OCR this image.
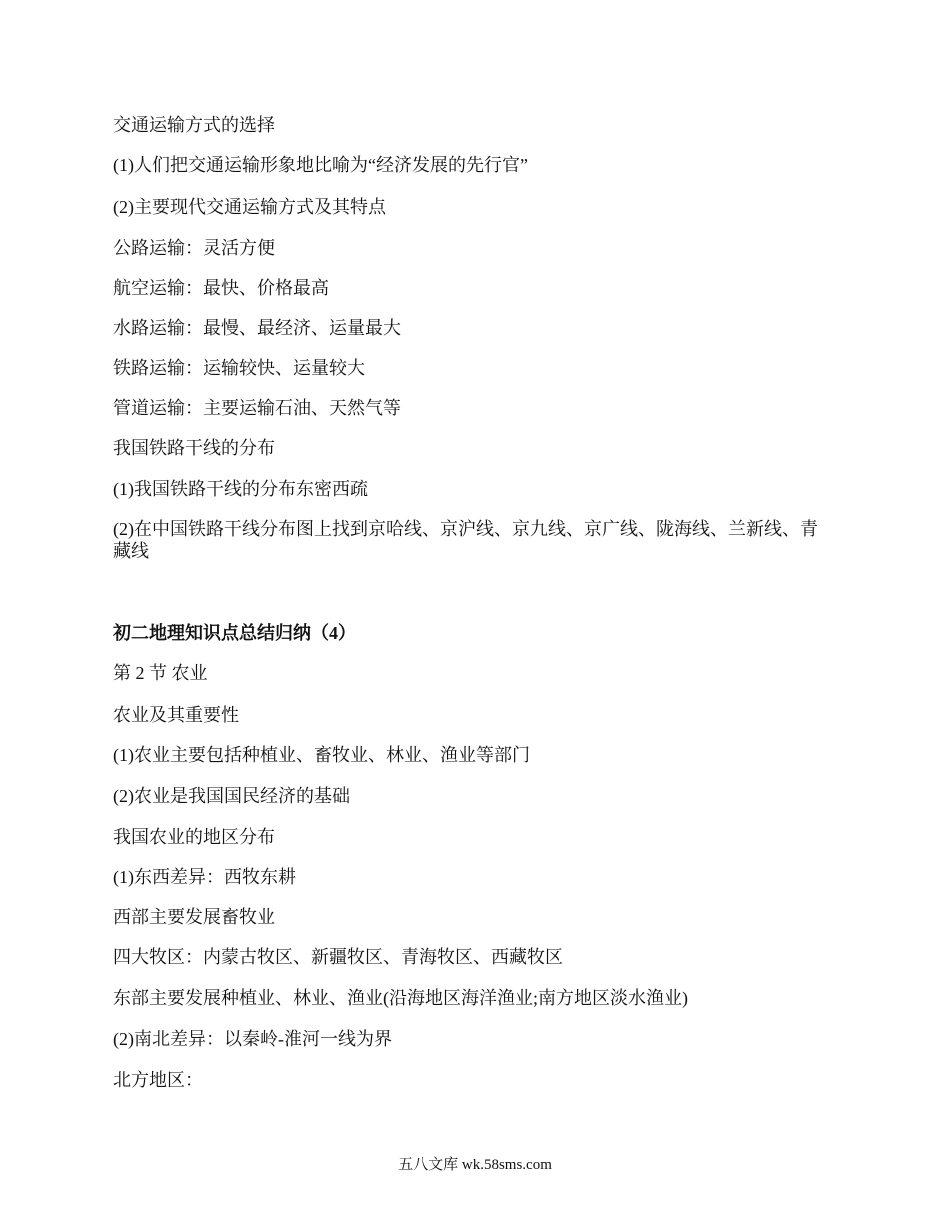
交通运输方式的选择
(1)人们把交通运输形象地比喻为“经济发展的先行官”
(2)主要现代交通运输方式及其特点
公路运输：灵活方便
航空运输：最快、价格最高
水路运输：最慢、最经济、运量最大
铁路运输：运输较快、运量较大
管道运输：主要运输石油、天然气等
我国铁路干线的分布
(1)我国铁路干线的分布东密西疏
(2)在中国铁路干线分布图上找到京哈线、京沪线、京九线、京广线、陇海线、兰新线、青藏线
初二地理知识点总结归纳（4）
第 2 节 农业
农业及其重要性
(1)农业主要包括种植业、畜牧业、林业、渔业等部门
(2)农业是我国国民经济的基础
我国农业的地区分布
(1)东西差异：西牧东耕
西部主要发展畜牧业
四大牧区：内蒙古牧区、新疆牧区、青海牧区、西藏牧区
东部主要发展种植业、林业、渔业(沿海地区海洋渔业;南方地区淡水渔业)
(2)南北差异：以秦岭-淮河一线为界
北方地区：
五八文库 wk.58sms.com
